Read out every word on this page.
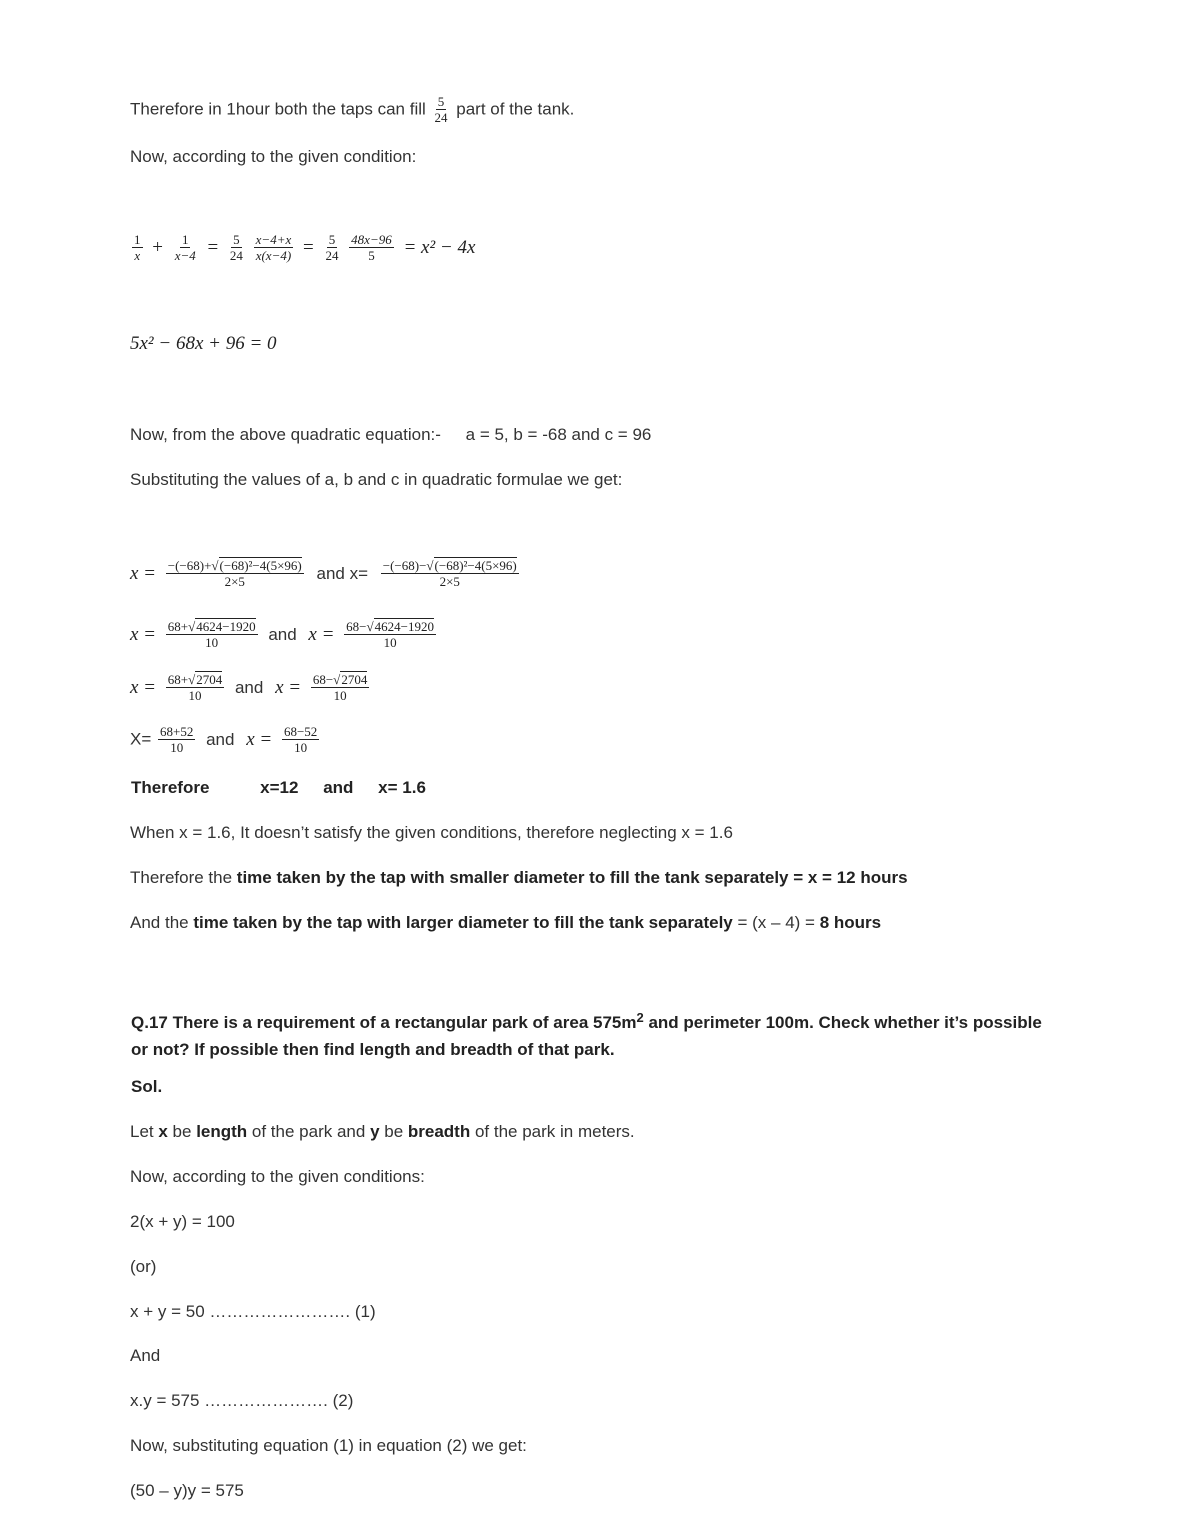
Therefore in 1hour both the taps can fill $\frac{5}{24}$ part of the tank.
Now, according to the given condition:
$\frac{1}{x} + \frac{1}{x-4} = \frac{5}{24}$
$\frac{x-4+x}{x(x-4)} = \frac{5}{24}$
$\frac{48x-96}{5} = x^2 - 4x$
5x² − 68x + 96 = 0
Now, from the above quadratic equation:- a = 5, b = -68 and c = 96
Substituting the values of a, b and c in quadratic formulae we get:
$x = \frac{\text{−(−68)+√(−68)²−4(5×96)}}{2\times 5}$ and $x= \frac{\text{−(−68)−√(−68)²−4(5×96)}}{2\times 5}$
$x = \frac{68+√4624-1920}{10}$ and $x = \frac{68-√4624-1920}{10}$
$x = \frac{68+√2704}{10}$ and $x = \frac{68-√2704}{10}$
$X= \frac{68+52}{10}$ and $x = \frac{68-52}{10}$
Therefore	x=12 and x= 1.6
When x = 1.6, It doesn’t satisfy the given conditions, therefore neglecting x = 1.6
Therefore the time taken by the tap with smaller diameter to fill the tank separately = x = 12 hours
And the time taken by the tap with larger diameter to fill the tank separately = (x – 4) = 8 hours
Q.17 There is a requirement of a rectangular park of area $575m^2$ and perimeter 100m. Check whether it’s possible
or not? If possible then find length and breadth of that park.
Sol.
Let x be length of the park and y be breadth of the park in meters.
Now, according to the given conditions:
2(x + y) = 100
(or)
x + y = 50 ……………………. (1)
And
x.y = 575 …………………. (2)
Now, substituting equation (1) in equation (2) we get:
(50 – y)y = 575
